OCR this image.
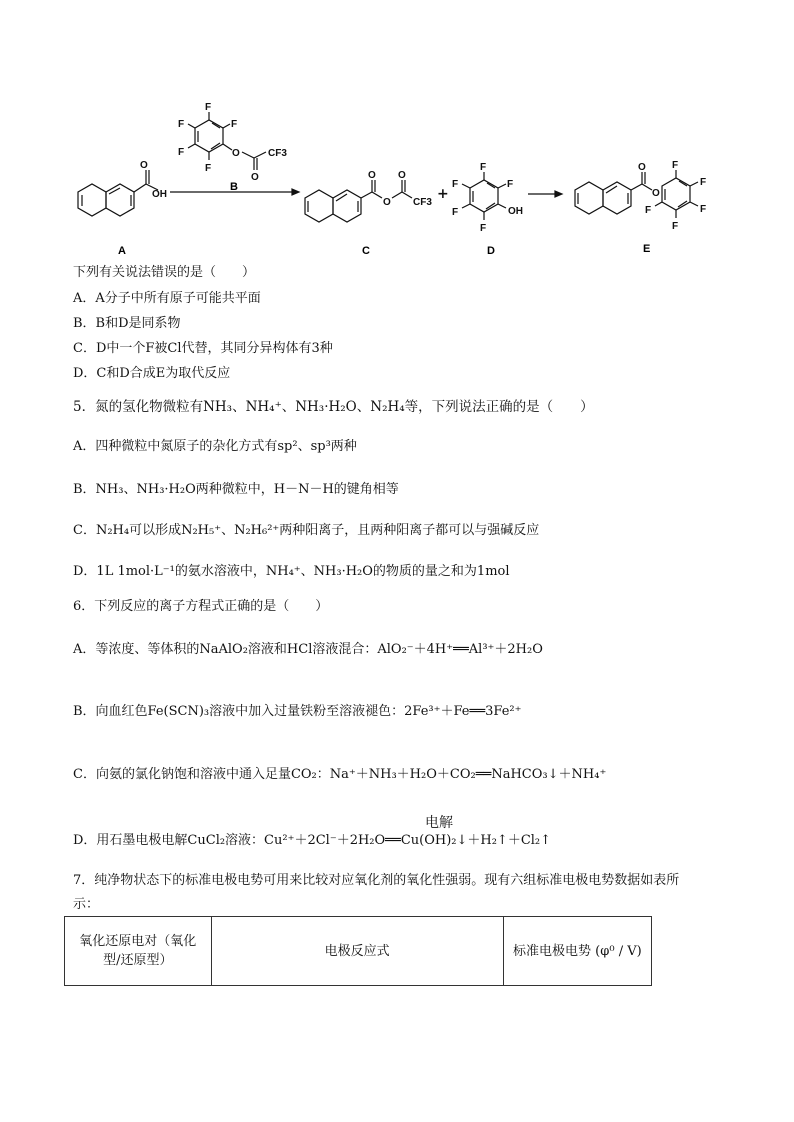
O
OH
F
F	F
F
F
O
O
CF3
O
O
O
CF3
+
F
F	F
F
F
OH
O
O
F
F
F	F
F
A
B
C	D	E
下列有关说法错误的是（　　）
A．A分子中所有原子可能共平面
B．B和D是同系物
C．D中一个F被Cl代替，其同分异构体有3种
D．C和D合成E为取代反应
5．氮的氢化物微粒有NH₃、NH₄⁺、NH₃·H₂O、N₂H₄等，下列说法正确的是（　　）
A．四种微粒中氮原子的杂化方式有sp²、sp³两种
B．NH₃、NH₃·H₂O两种微粒中，H－N－H的键角相等
C．N₂H₄可以形成N₂H₅⁺、N₂H₆²⁺两种阳离子，且两种阳离子都可以与强碱反应
D．1L 1mol·L⁻¹的氨水溶液中，NH₄⁺、NH₃·H₂O的物质的量之和为1mol
6．下列反应的离子方程式正确的是（　　）
A．等浓度、等体积的NaAlO₂溶液和HCl溶液混合：AlO₂⁻＋4H⁺══Al³⁺＋2H₂O
B．向血红色Fe(SCN)₃溶液中加入过量铁粉至溶液褪色：2Fe³⁺＋Fe══3Fe²⁺
C．向氨的氯化钠饱和溶液中通入足量CO₂：Na⁺＋NH₃＋H₂O＋CO₂══NaHCO₃↓＋NH₄⁺
电解
D．用石墨电极电解CuCl₂溶液：Cu²⁺＋2Cl⁻＋2H₂O══Cu(OH)₂↓＋H₂↑＋Cl₂↑
7．纯净物状态下的标准电极电势可用来比较对应氧化剂的氧化性强弱。现有六组标准电极电势数据如表所
示：
氧化还原电对（氧化型/还原型）	电极反应式	标准电极电势 (φ⁰ / V)
